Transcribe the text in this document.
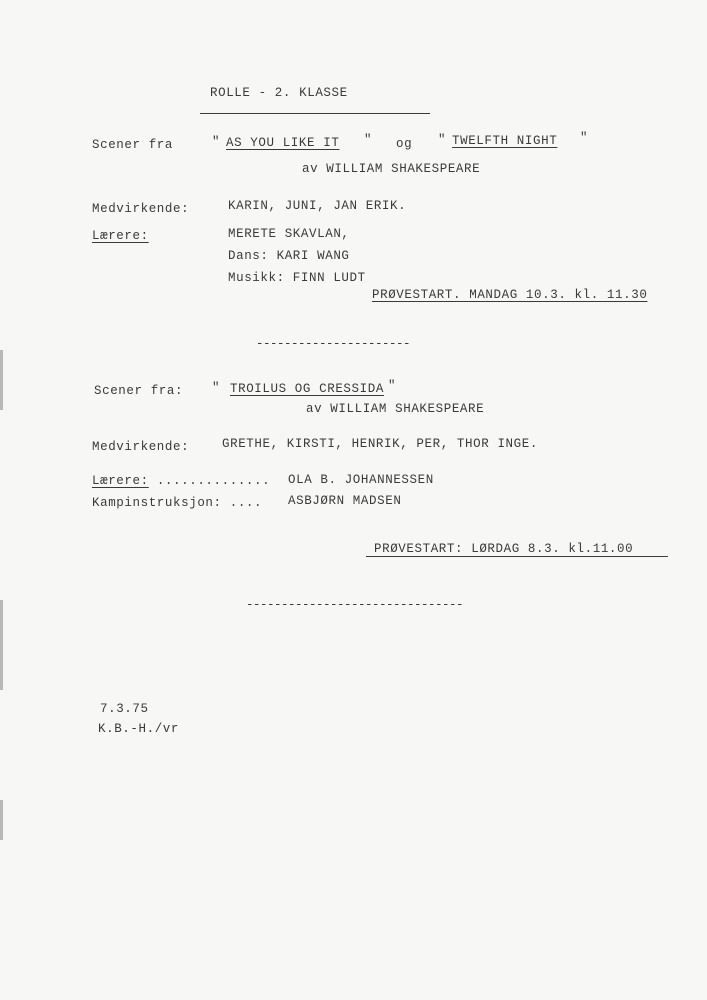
ROLLE - 2. KLASSE
Scener fra	" AS YOU LIKE IT " og " TWELFTH NIGHT "
av WILLIAM SHAKESPEARE
Medvirkende:	KARIN, JUNI, JAN ERIK.
Lærere:	MERETE SKAVLAN,
Dans: KARI WANG
Musikk: FINN LUDT
PRØVESTART. MANDAG 10.3. kl. 11.30
----------------------
Scener fra: " TROILUS OG CRESSIDA "
av WILLIAM SHAKESPEARE
Medvirkende:	GRETHE, KIRSTI, HENRIK, PER, THOR INGE.
Lærere: .............. OLA B. JOHANNESSEN
Kampinstruksjon: .... ASBJØRN MADSEN
PRØVESTART: LØRDAG 8.3. kl.11.00
-------------------------------
7.3.75
K.B.-H./vr
